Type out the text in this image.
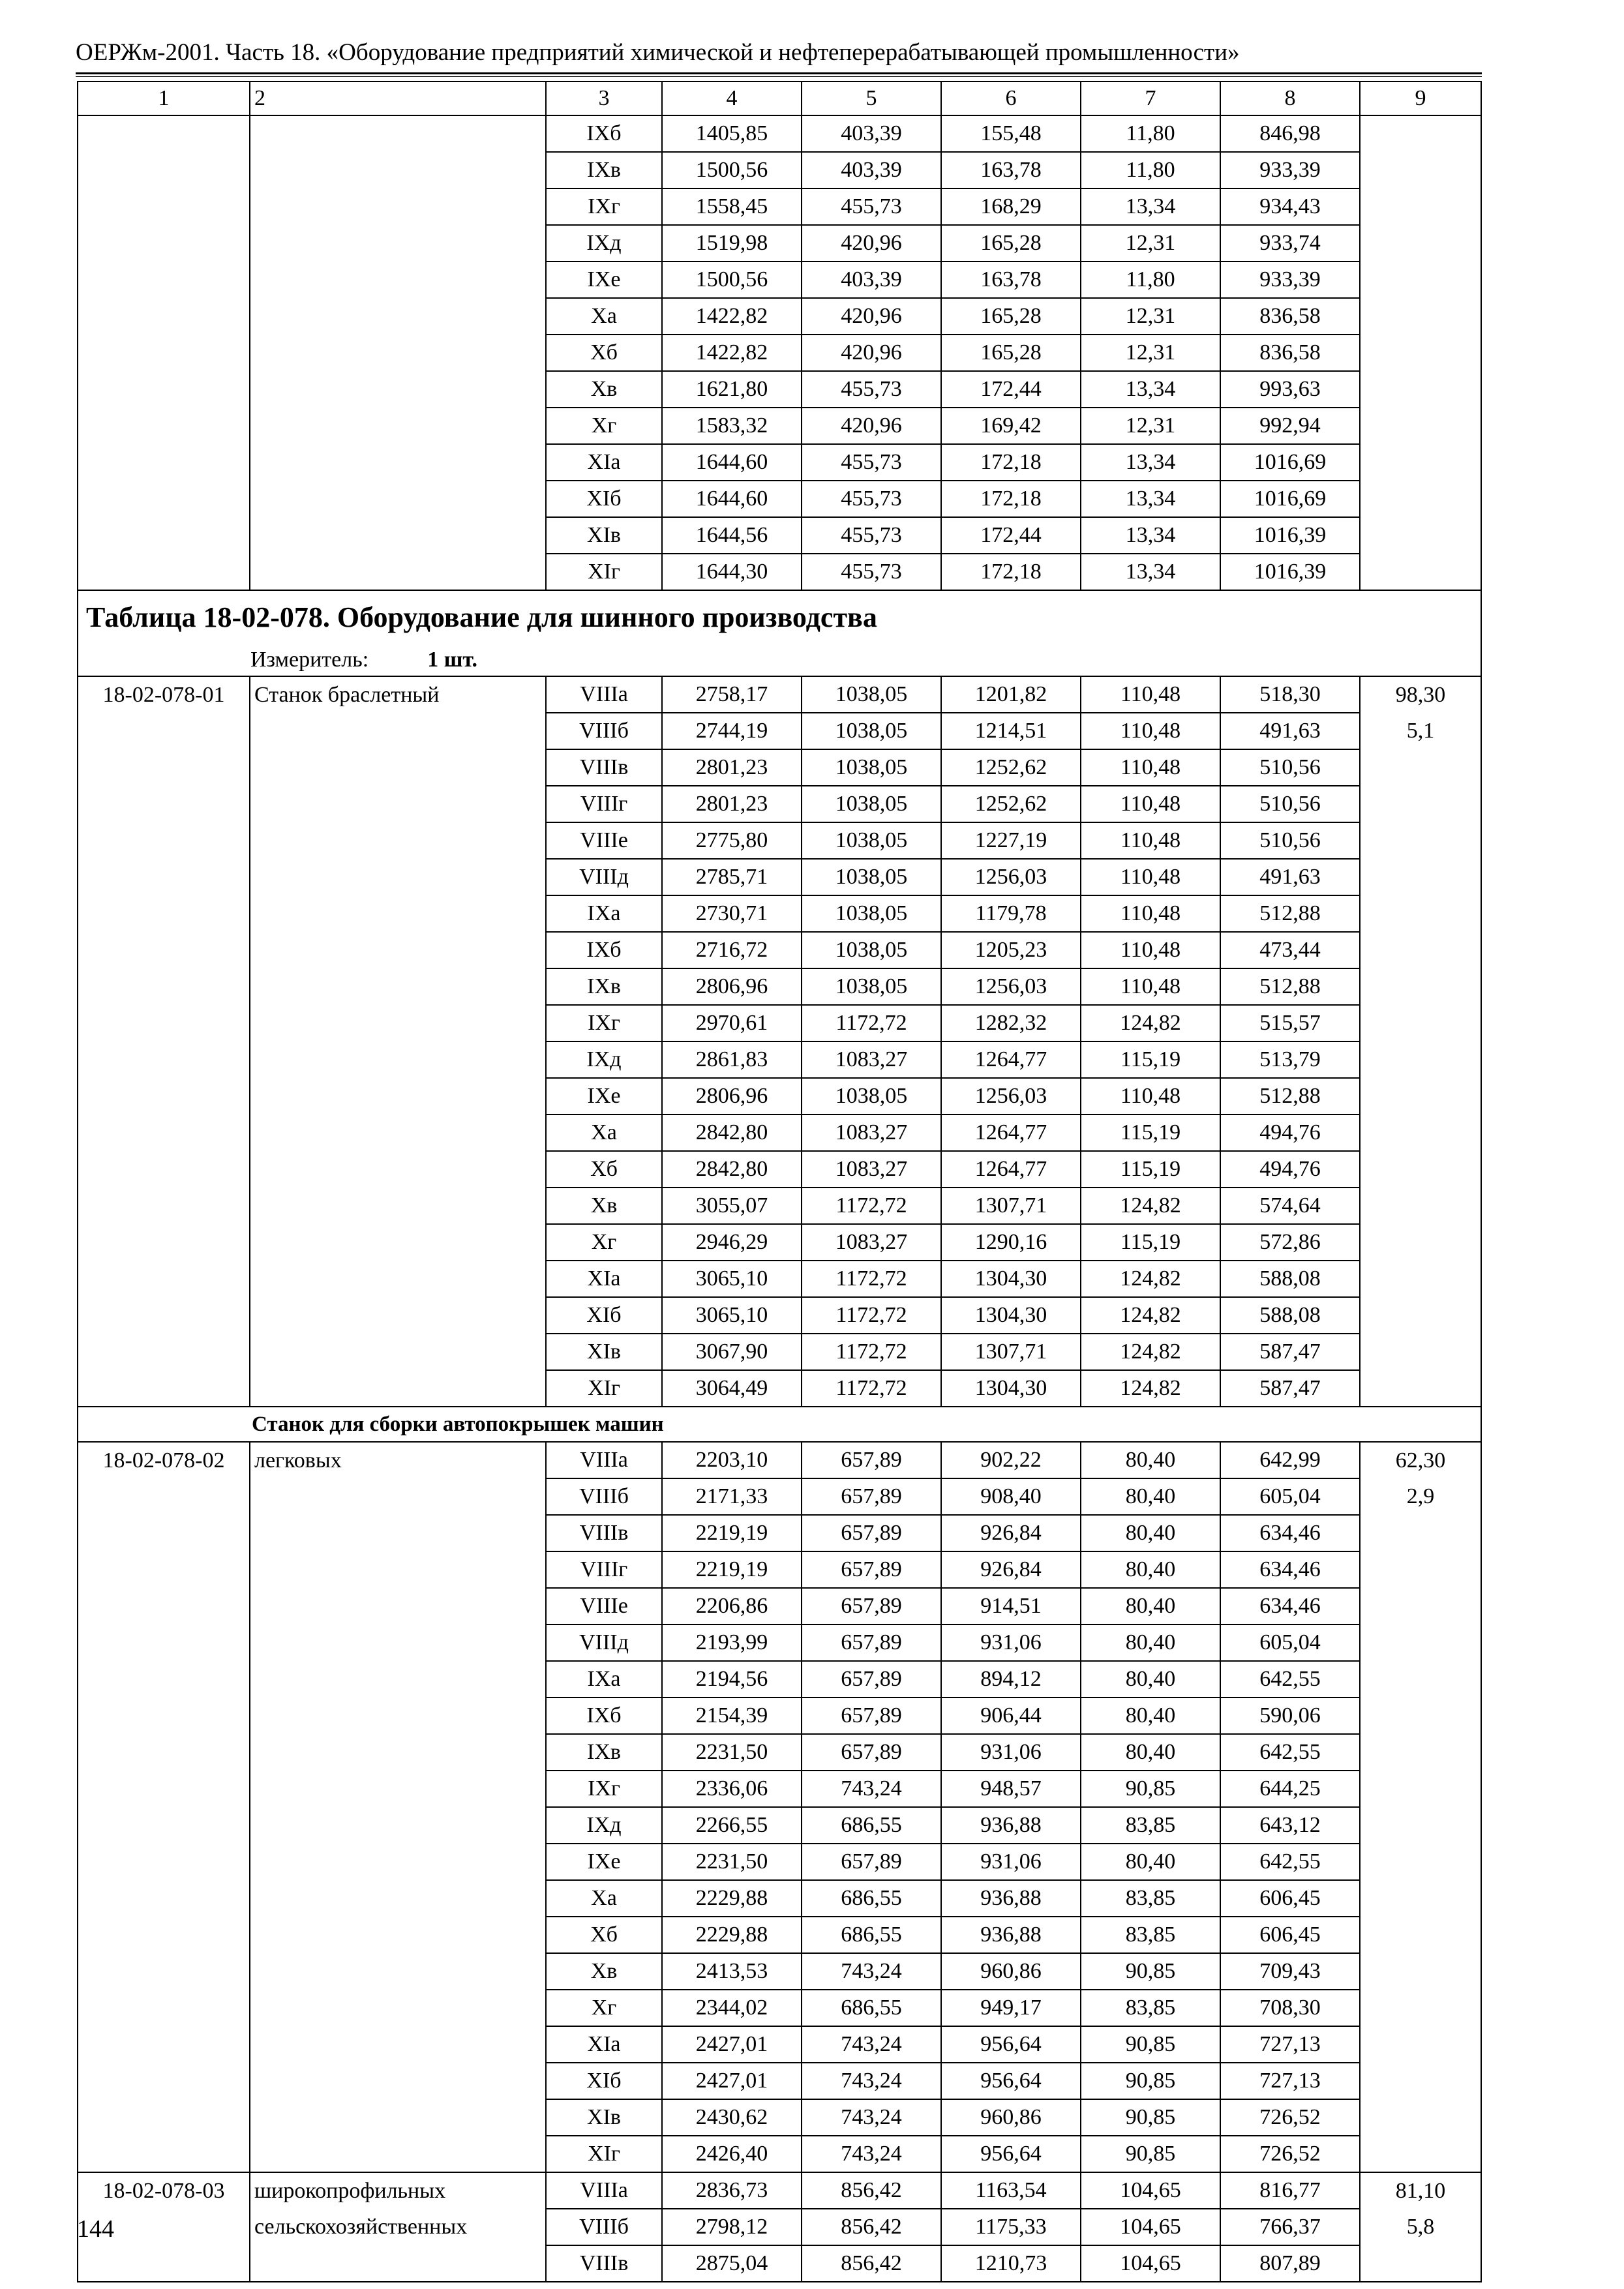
ОЕРЖм-2001. Часть 18. «Оборудование предприятий химической и нефтеперерабатывающей промышленности»
1	2	3	4	5	6	7	8	9
		IXб	1405,85	403,39	155,48	11,80	846,98	
		IXв	1500,56	403,39	163,78	11,80	933,39	
		IXг	1558,45	455,73	168,29	13,34	934,43	
		IXд	1519,98	420,96	165,28	12,31	933,74	
		IXе	1500,56	403,39	163,78	11,80	933,39	
		Xа	1422,82	420,96	165,28	12,31	836,58	
		Xб	1422,82	420,96	165,28	12,31	836,58	
		Xв	1621,80	455,73	172,44	13,34	993,63	
		Xг	1583,32	420,96	169,42	12,31	992,94	
		XIа	1644,60	455,73	172,18	13,34	1016,69	
		XIб	1644,60	455,73	172,18	13,34	1016,69	
		XIв	1644,56	455,73	172,44	13,34	1016,39	
		XIг	1644,30	455,73	172,18	13,34	1016,39	
Таблица 18-02-078. Оборудование для шинного производства								
Измеритель: 1 шт.								
18-02-078-01	Станок браслетный	VIIIа	2758,17	1038,05	1201,82	110,48	518,30	98,30
		VIIIб	2744,19	1038,05	1214,51	110,48	491,63	5,1
		VIIIв	2801,23	1038,05	1252,62	110,48	510,56	
		VIIIг	2801,23	1038,05	1252,62	110,48	510,56	
		VIIIе	2775,80	1038,05	1227,19	110,48	510,56	
		VIIIд	2785,71	1038,05	1256,03	110,48	491,63	
		IXа	2730,71	1038,05	1179,78	110,48	512,88	
		IXб	2716,72	1038,05	1205,23	110,48	473,44	
		IXв	2806,96	1038,05	1256,03	110,48	512,88	
		IXг	2970,61	1172,72	1282,32	124,82	515,57	
		IXд	2861,83	1083,27	1264,77	115,19	513,79	
		IXе	2806,96	1038,05	1256,03	110,48	512,88	
		Xа	2842,80	1083,27	1264,77	115,19	494,76	
		Xб	2842,80	1083,27	1264,77	115,19	494,76	
		Xв	3055,07	1172,72	1307,71	124,82	574,64	
		Xг	2946,29	1083,27	1290,16	115,19	572,86	
		XIа	3065,10	1172,72	1304,30	124,82	588,08	
		XIб	3065,10	1172,72	1304,30	124,82	588,08	
		XIв	3067,90	1172,72	1307,71	124,82	587,47	
		XIг	3064,49	1172,72	1304,30	124,82	587,47	
Станок для сборки автопокрышек машин								
18-02-078-02	легковых	VIIIа	2203,10	657,89	902,22	80,40	642,99	62,30
		VIIIб	2171,33	657,89	908,40	80,40	605,04	2,9
		VIIIв	2219,19	657,89	926,84	80,40	634,46	
		VIIIг	2219,19	657,89	926,84	80,40	634,46	
		VIIIе	2206,86	657,89	914,51	80,40	634,46	
		VIIIд	2193,99	657,89	931,06	80,40	605,04	
		IXа	2194,56	657,89	894,12	80,40	642,55	
		IXб	2154,39	657,89	906,44	80,40	590,06	
		IXв	2231,50	657,89	931,06	80,40	642,55	
		IXг	2336,06	743,24	948,57	90,85	644,25	
		IXд	2266,55	686,55	936,88	83,85	643,12	
		IXе	2231,50	657,89	931,06	80,40	642,55	
		Xа	2229,88	686,55	936,88	83,85	606,45	
		Xб	2229,88	686,55	936,88	83,85	606,45	
		Xв	2413,53	743,24	960,86	90,85	709,43	
		Xг	2344,02	686,55	949,17	83,85	708,30	
		XIа	2427,01	743,24	956,64	90,85	727,13	
		XIб	2427,01	743,24	956,64	90,85	727,13	
		XIв	2430,62	743,24	960,86	90,85	726,52	
		XIг	2426,40	743,24	956,64	90,85	726,52	
18-02-078-03	широкопрофильных	VIIIа	2836,73	856,42	1163,54	104,65	816,77	81,10
	сельскохозяйственных	VIIIб	2798,12	856,42	1175,33	104,65	766,37	5,8
		VIIIв	2875,04	856,42	1210,73	104,65	807,89	
144
